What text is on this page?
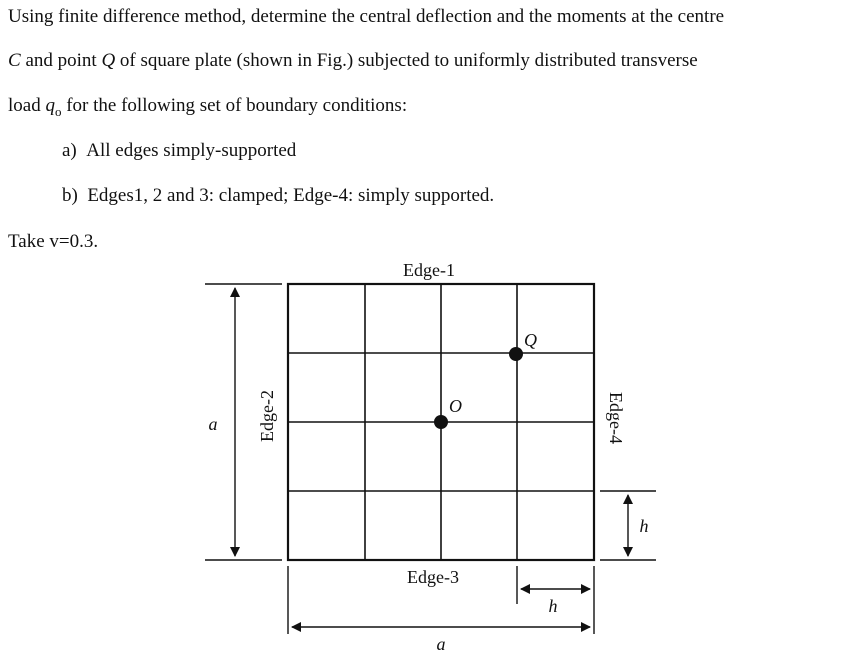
Using finite difference method, determine the central deflection and the moments at the centre
C and point Q of square plate (shown in Fig.) subjected to uniformly distributed transverse
load $q_o$ for the following set of boundary conditions:
a) All edges simply-supported
b) Edges1, 2 and 3: clamped; Edge-4: simply supported.
Take v=0.3.
O
Q
Edge-1
Edge-3
Edge-2	Edge-4
a
a
h
h
